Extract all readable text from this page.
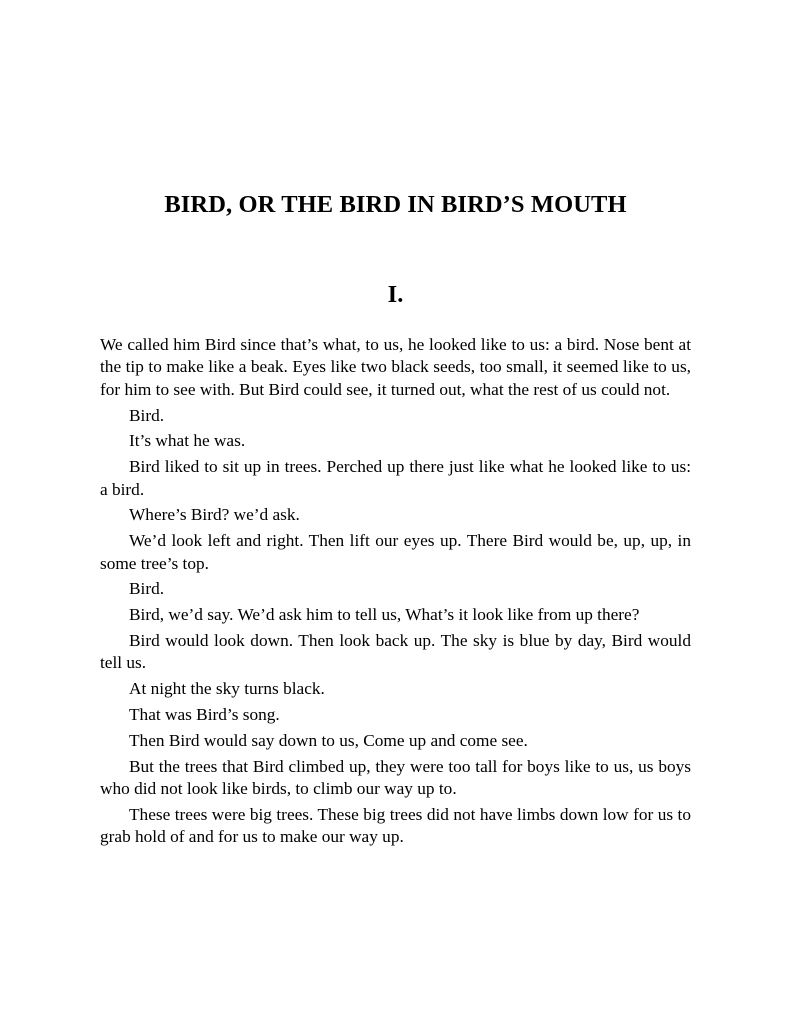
BIRD, OR THE BIRD IN BIRD’S MOUTH
I.

We called him Bird since that’s what, to us, he looked like to us: a bird. Nose bent at the tip to make like a beak. Eyes like two black seeds, too small, it seemed like to us, for him to see with. But Bird could see, it turned out, what the rest of us could not.

Bird.

It’s what he was.

Bird liked to sit up in trees. Perched up there just like what he looked like to us: a bird.

Where’s Bird? we’d ask.

We’d look left and right. Then lift our eyes up. There Bird would be, up, up, in some tree’s top.

Bird.

Bird, we’d say. We’d ask him to tell us, What’s it look like from up there?

Bird would look down. Then look back up. The sky is blue by day, Bird would tell us.

At night the sky turns black.

That was Bird’s song.

Then Bird would say down to us, Come up and come see.

But the trees that Bird climbed up, they were too tall for boys like to us, us boys who did not look like birds, to climb our way up to.

These trees were big trees. These big trees did not have limbs down low for us to grab hold of and for us to make our way up.
